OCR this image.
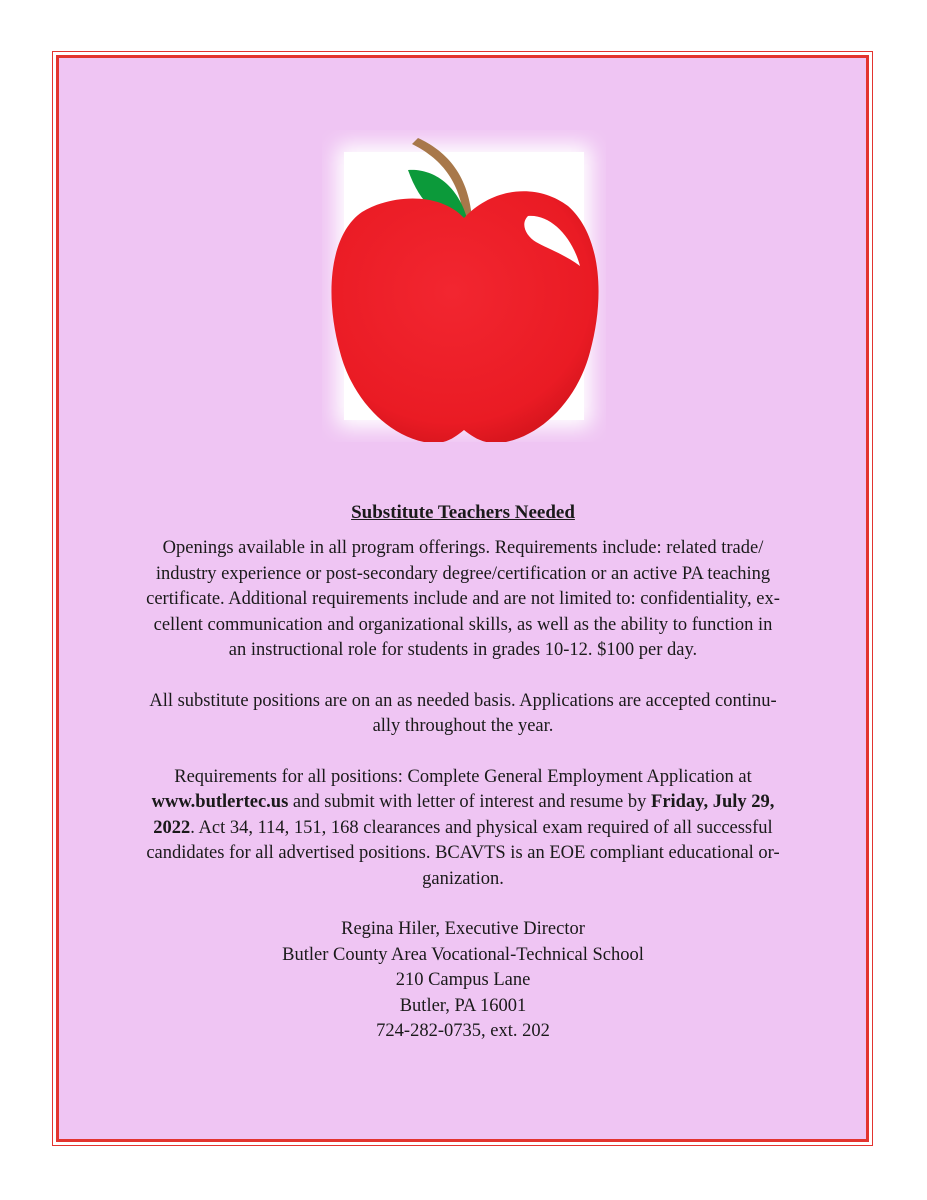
Substitute Teachers Needed

Openings available in all program offerings. Requirements include: related trade/
industry experience or post-secondary degree/certification or an active PA teaching
certificate. Additional requirements include and are not limited to: confidentiality, ex-
cellent communication and organizational skills, as well as the ability to function in
an instructional role for students in grades 10-12. $100 per day.

All substitute positions are on an as needed basis. Applications are accepted continu-
ally throughout the year.

Requirements for all positions: Complete General Employment Application at
www.butlertec.us and submit with letter of interest and resume by Friday, July 29,
2022. Act 34, 114, 151, 168 clearances and physical exam required of all successful
candidates for all advertised positions. BCAVTS is an EOE compliant educational or-
ganization.

Regina Hiler, Executive Director
Butler County Area Vocational-Technical School
210 Campus Lane
Butler, PA 16001
724-282-0735, ext. 202
